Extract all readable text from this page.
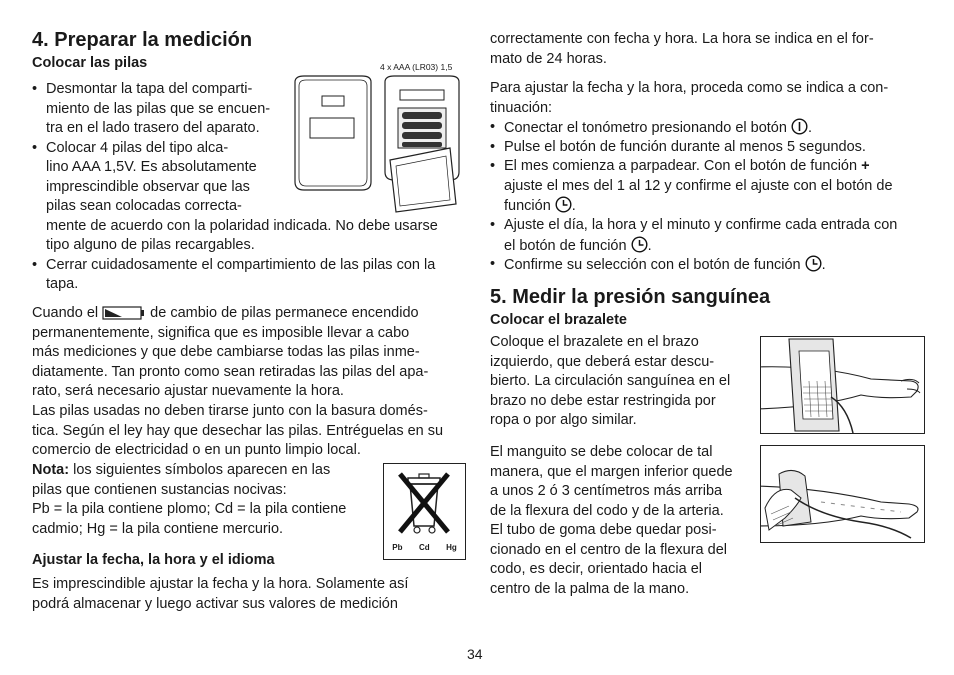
4. Preparar la medición
Colocar las pilas	4 x AAA (LR03) 1,5
• Desmontar la tapa del comparti-
miento de las pilas que se encuen-
tra en el lado trasero del aparato.
• Colocar 4 pilas del tipo alca-
lino AAA 1,5V. Es absolutamente
imprescindible observar que las
pilas sean colocadas correcta-
mente de acuerdo con la polaridad indicada. No debe usarse
tipo alguno de pilas recargables.
• Cerrar cuidadosamente el compartimiento de las pilas con la
tapa.
Cuando el	de cambio de pilas permanece encendido
permanentemente, significa que es imposible llevar a cabo
más mediciones y que debe cambiarse todas las pilas inme-
diatamente. Tan pronto como sean retiradas las pilas del apa-
rato, será necesario ajustar nuevamente la hora.
Las pilas usadas no deben tirarse junto con la basura domés-
tica. Según el ley hay que desechar las pilas. Entréguelas en su
comercio de electricidad o en un punto limpio local.
Nota: los siguientes símbolos aparecen en las
pilas que contienen sustancias nocivas:
Pb = la pila contiene plomo; Cd = la pila contiene
cadmio; Hg = la pila contiene mercurio.
Pb Cd Hg
Ajustar la fecha, la hora y el idioma
Es imprescindible ajustar la fecha y la hora. Solamente así
podrá almacenar y luego activar sus valores de medición
correctamente con fecha y hora. La hora se indica en el for-
mato de 24 horas.
Para ajustar la fecha y la hora, proceda como se indica a con-
tinuación:
• Conectar el tonómetro presionando el botón .
• Pulse el botón de función durante al menos 5 segundos.
• El mes comienza a parpadear. Con el botón de función +
ajuste el mes del 1 al 12 y confirme el ajuste con el botón de
función .
• Ajuste el día, la hora y el minuto y confirme cada entrada con
el botón de función .
• Confirme su selección con el botón de función .
5. Medir la presión sanguínea
Colocar el brazalete
Coloque el brazalete en el brazo
izquierdo, que deberá estar descu-
bierto. La circulación sanguínea en el
brazo no debe estar restringida por
ropa o por algo similar.
El manguito se debe colocar de tal
manera, que el margen inferior quede
a unos 2 ó 3 centímetros más arriba
de la flexura del codo y de la arteria.
El tubo de goma debe quedar posi-
cionado en el centro de la flexura del
codo, es decir, orientado hacia el
centro de la palma de la mano.
34
